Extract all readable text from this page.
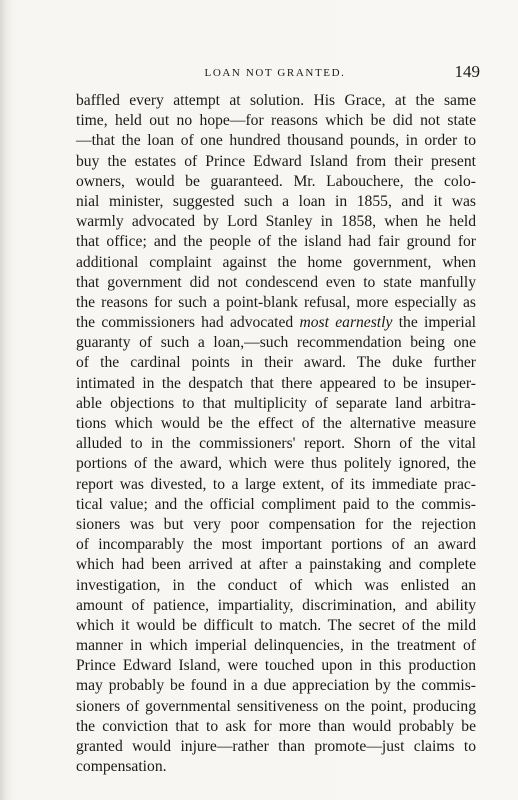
LOAN NOT GRANTED.	149
baffled every attempt at solution. His Grace, at the same
time, held out no hope—for reasons which be did not state
—that the loan of one hundred thousand pounds, in order to
buy the estates of Prince Edward Island from their present
owners, would be guaranteed. Mr. Labouchere, the colo-
nial minister, suggested such a loan in 1855, and it was
warmly advocated by Lord Stanley in 1858, when he held
that office; and the people of the island had fair ground for
additional complaint against the home government, when
that government did not condescend even to state manfully
the reasons for such a point-blank refusal, more especially as
the commissioners had advocated most earnestly the imperial
guaranty of such a loan,—such recommendation being one
of the cardinal points in their award. The duke further
intimated in the despatch that there appeared to be insuper-
able objections to that multiplicity of separate land arbitra-
tions which would be the effect of the alternative measure
alluded to in the commissioners' report. Shorn of the vital
portions of the award, which were thus politely ignored, the
report was divested, to a large extent, of its immediate prac-
tical value; and the official compliment paid to the commis-
sioners was but very poor compensation for the rejection
of incomparably the most important portions of an award
which had been arrived at after a painstaking and complete
investigation, in the conduct of which was enlisted an
amount of patience, impartiality, discrimination, and ability
which it would be difficult to match. The secret of the mild
manner in which imperial delinquencies, in the treatment of
Prince Edward Island, were touched upon in this production
may probably be found in a due appreciation by the commis-
sioners of governmental sensitiveness on the point, producing
the conviction that to ask for more than would probably be
granted would injure—rather than promote—just claims to
compensation.
